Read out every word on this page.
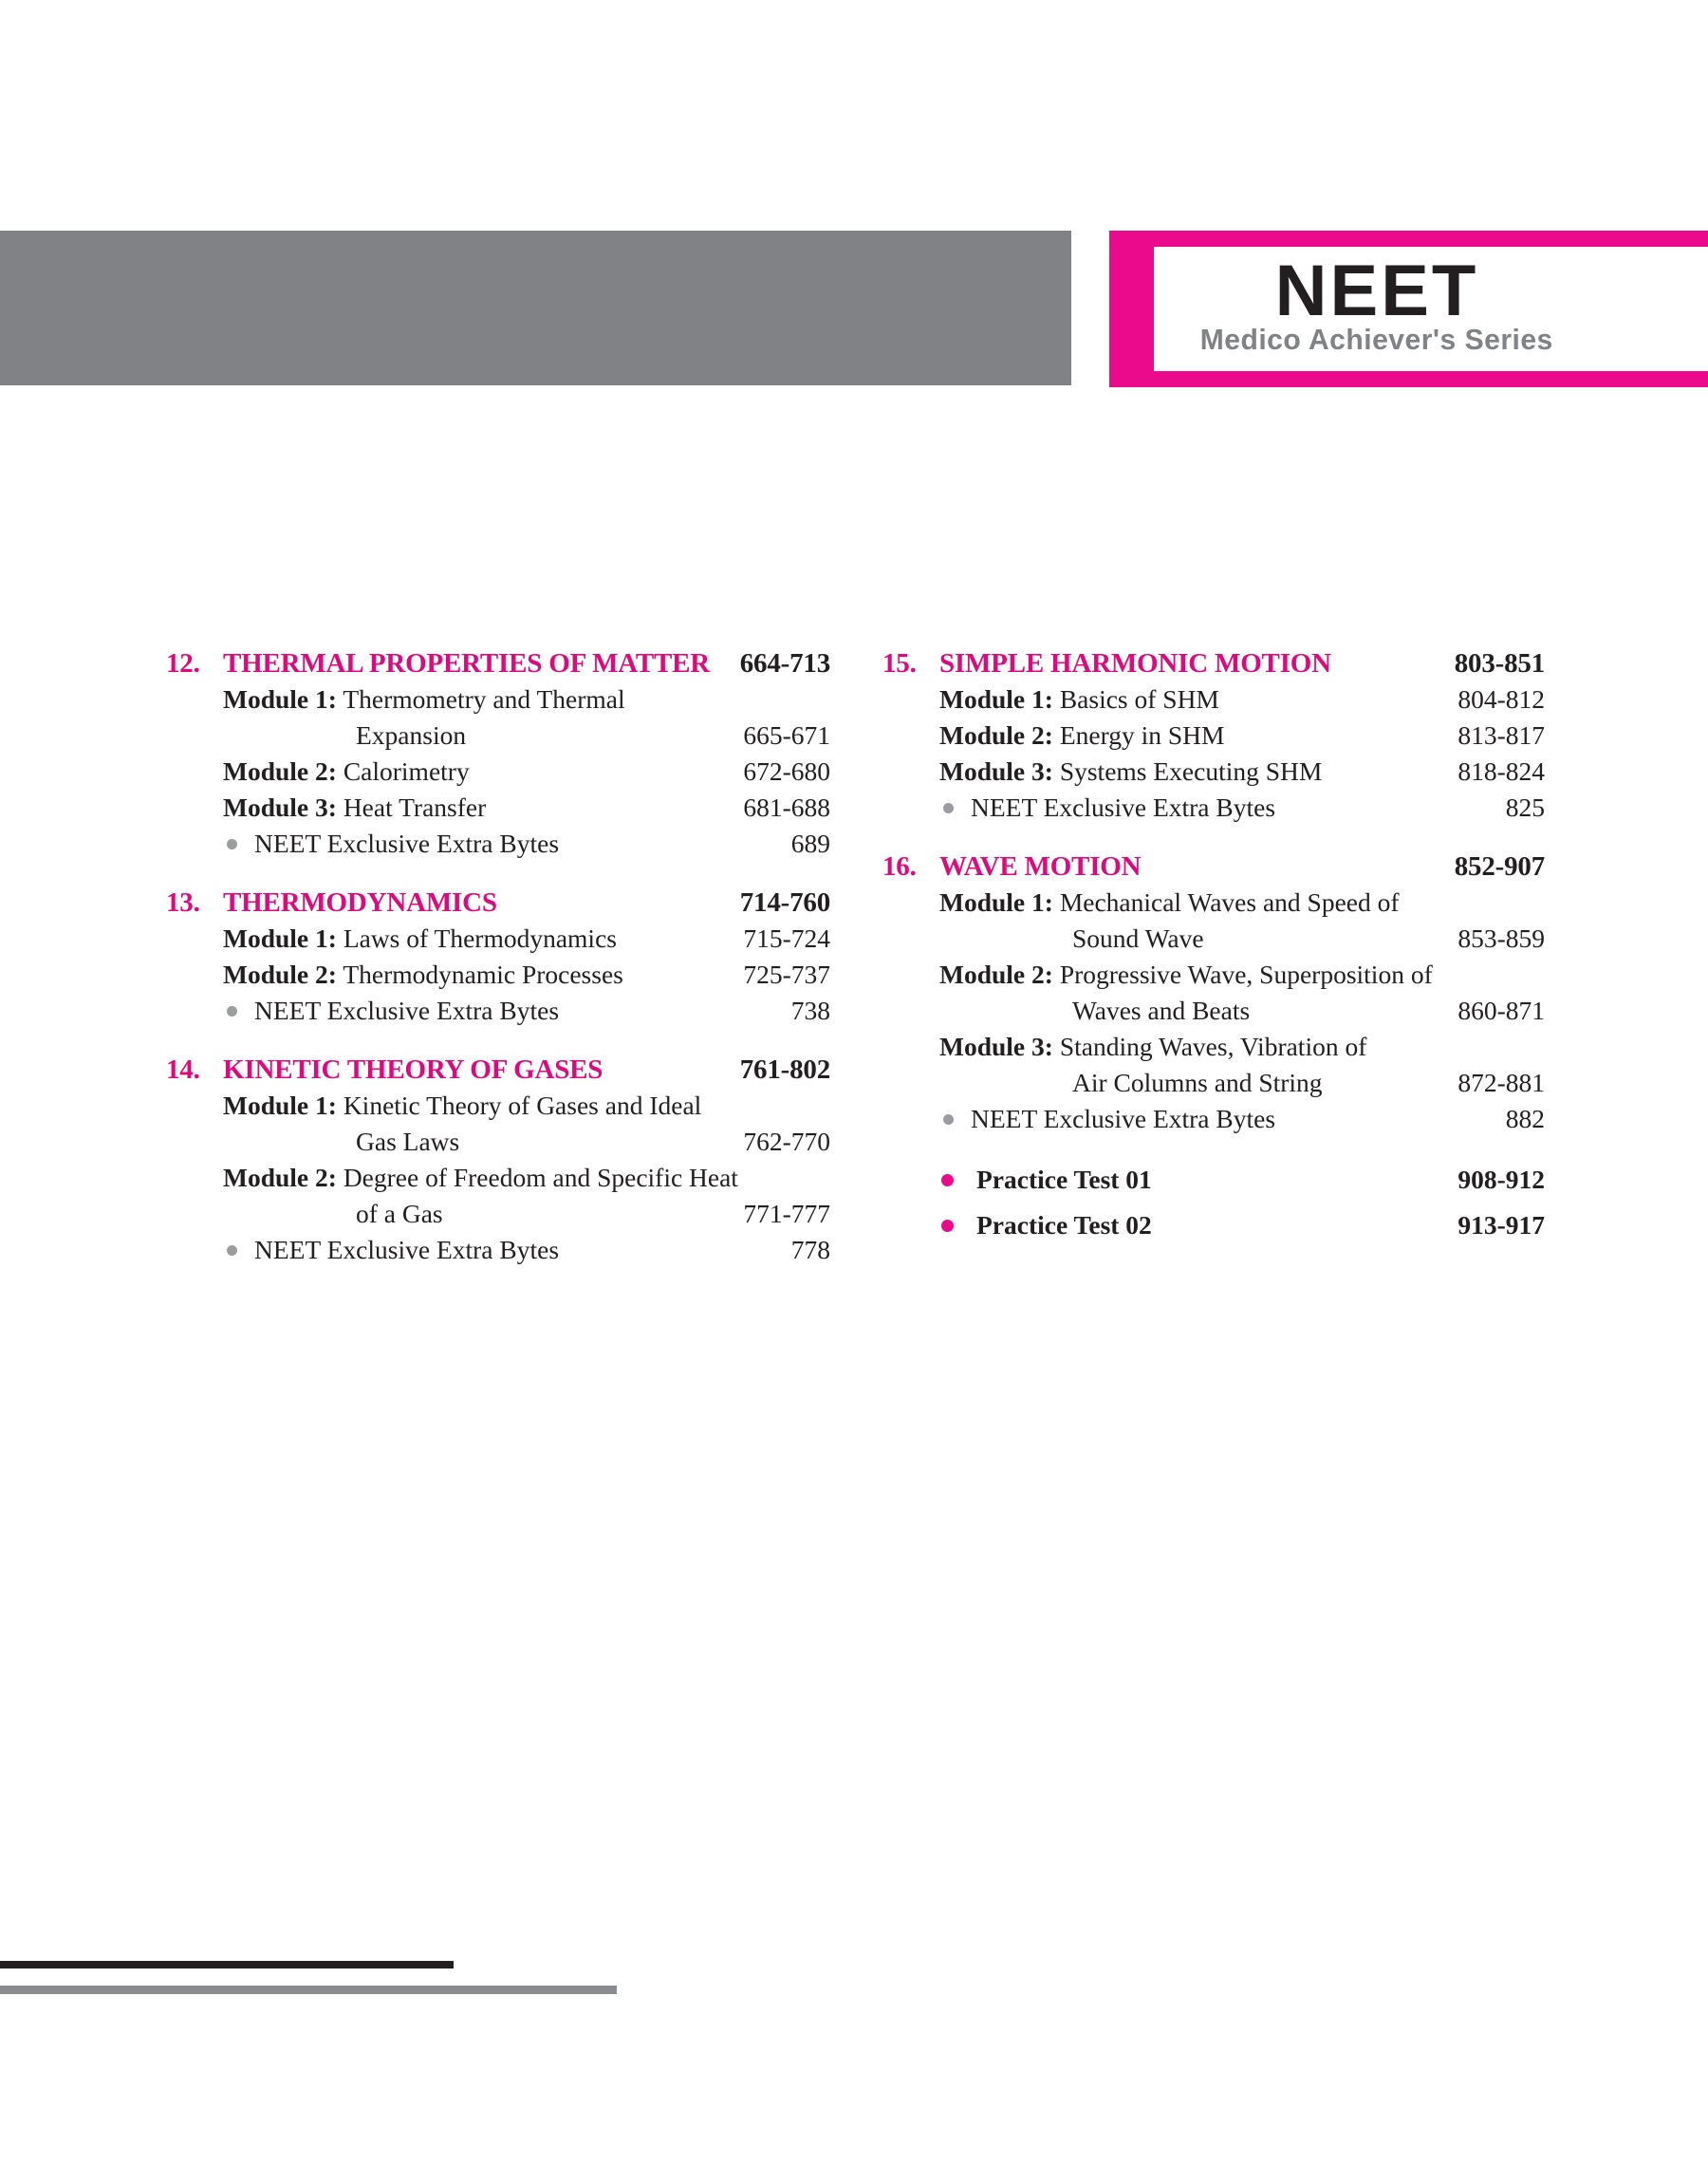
NEET
Medico Achiever's Series
12. THERMAL PROPERTIES OF MATTER	664-713
Module 1: Thermometry and Thermal
Expansion	665-671
Module 2: Calorimetry	672-680
Module 3: Heat Transfer	681-688
NEET Exclusive Extra Bytes	689
13. THERMODYNAMICS	714-760
Module 1: Laws of Thermodynamics	715-724
Module 2: Thermodynamic Processes	725-737
NEET Exclusive Extra Bytes	738
14. KINETIC THEORY OF GASES	761-802
Module 1: Kinetic Theory of Gases and Ideal
Gas Laws	762-770
Module 2: Degree of Freedom and Specific Heat
of a Gas	771-777
NEET Exclusive Extra Bytes	778
15. SIMPLE HARMONIC MOTION	803-851
Module 1: Basics of SHM	804-812
Module 2: Energy in SHM	813-817
Module 3: Systems Executing SHM	818-824
NEET Exclusive Extra Bytes	825
16. WAVE MOTION	852-907
Module 1: Mechanical Waves and Speed of
Sound Wave	853-859
Module 2: Progressive Wave, Superposition of
Waves and Beats	860-871
Module 3: Standing Waves, Vibration of
Air Columns and String	872-881
NEET Exclusive Extra Bytes	882
Practice Test 01	908-912
Practice Test 02	913-917
